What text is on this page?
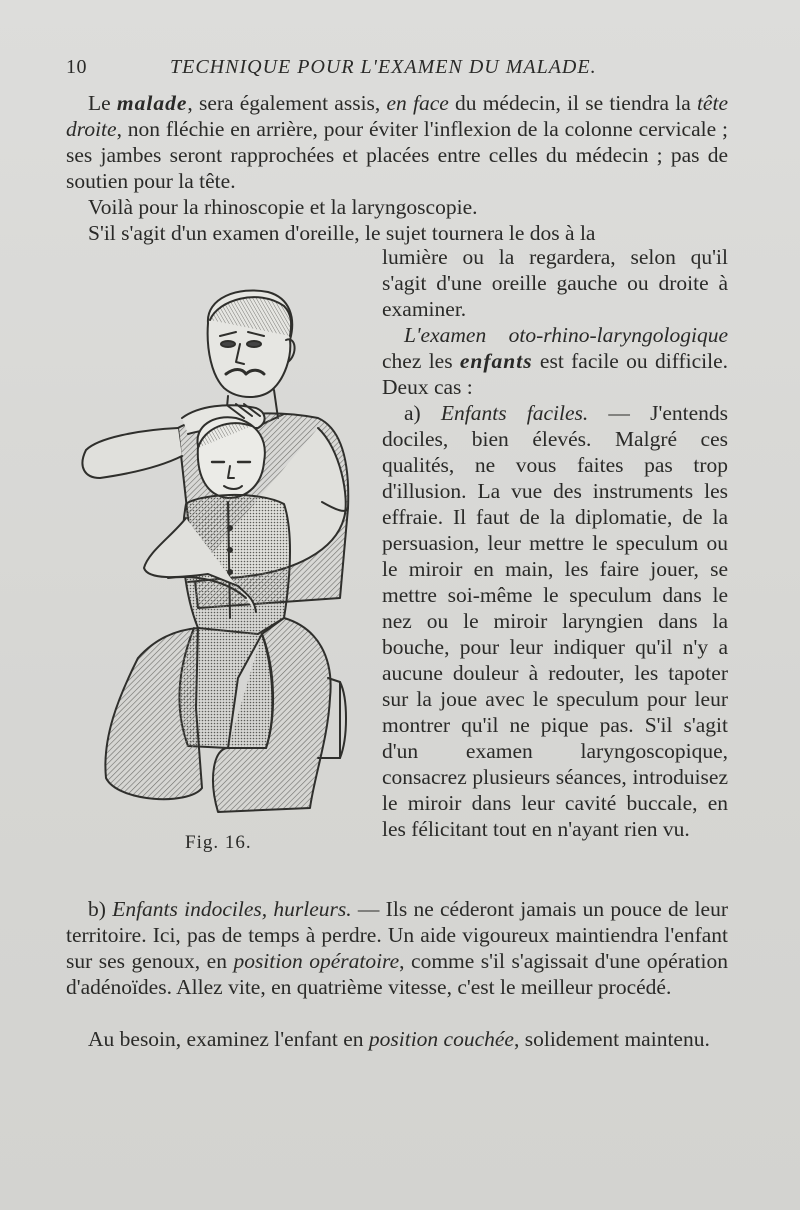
10	TECHNIQUE POUR L'EXAMEN DU MALADE.

Le malade, sera également assis, en face du médecin, il se tiendra la tête droite, non fléchie en arrière, pour éviter l'inflexion de la colonne cervicale ; ses jambes seront rapprochées et placées entre celles du médecin ; pas de soutien pour la tête.

Voilà pour la rhinoscopie et la laryngoscopie.

S'il s'agit d'un examen d'oreille, le sujet tournera le dos à la

lumière ou la regardera, selon qu'il s'agit d'une oreille gauche ou droite à examiner.

L'examen oto-rhino-laryngologique chez les enfants est facile ou difficile. Deux cas :

a) Enfants faciles. — J'entends dociles, bien élevés. Malgré ces qualités, ne vous faites pas trop d'illusion. La vue des instruments les effraie. Il faut de la diplomatie, de la persuasion, leur mettre le speculum ou le miroir en main, les faire jouer, se mettre soi-même le speculum dans le nez ou le miroir laryngien dans la bouche, pour leur indiquer qu'il n'y a aucune douleur à redouter, les tapoter sur la joue avec le speculum pour leur montrer qu'il ne pique pas. S'il s'agit d'un examen laryngoscopique, consacrez plusieurs séances, introduisez le miroir dans leur cavité buccale, en les félicitant tout en n'ayant rien vu.

b) Enfants indociles, hurleurs. — Ils ne céderont jamais un pouce de leur territoire. Ici, pas de temps à perdre. Un aide vigoureux maintiendra l'enfant sur ses genoux, en position opératoire, comme s'il s'agissait d'une opération d'adénoïdes. Allez vite, en quatrième vitesse, c'est le meilleur procédé.

Au besoin, examinez l'enfant en position couchée, solidement maintenu.

Fig. 16.
